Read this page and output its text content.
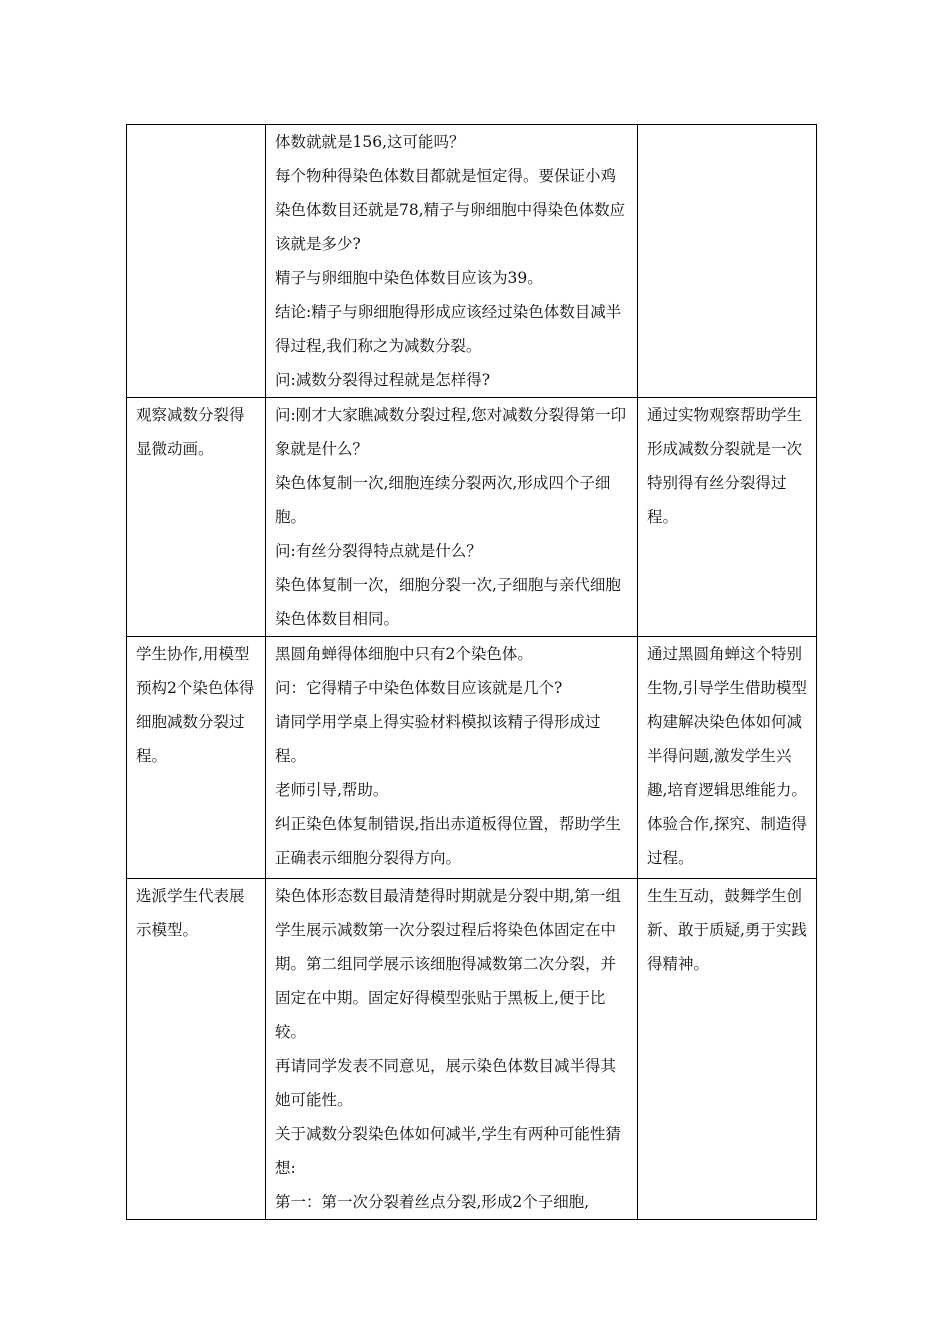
	体数就就是156,这可能吗？

每个物种得染色体数目都就是恒定得。要保证小鸡染色体数目还就是78,精子与卵细胞中得染色体数应该就是多少?

精子与卵细胞中染色体数目应该为39。

结论:精子与卵细胞得形成应该经过染色体数目减半得过程,我们称之为减数分裂。

问:减数分裂得过程就是怎样得?	

观察减数分裂得显微动画。	问:刚才大家瞧减数分裂过程,您对减数分裂得第一印象就是什么？

染色体复制一次,细胞连续分裂两次,形成四个子细胞。

问:有丝分裂得特点就是什么？

染色体复制一次，细胞分裂一次,子细胞与亲代细胞染色体数目相同。	通过实物观察帮助学生形成减数分裂就是一次特别得有丝分裂得过程。

学生协作,用模型预构2个染色体得细胞减数分裂过程。	黑圆角蝉得体细胞中只有2个染色体。

问：它得精子中染色体数目应该就是几个?

请同学用学桌上得实验材料模拟该精子得形成过程。

老师引导,帮助。

纠正染色体复制错误,指出赤道板得位置，帮助学生正确表示细胞分裂得方向。	通过黑圆角蝉这个特别生物,引导学生借助模型构建解决染色体如何减半得问题,激发学生兴趣,培育逻辑思维能力。体验合作,探究、制造得过程。

选派学生代表展示模型。	染色体形态数目最清楚得时期就是分裂中期,第一组学生展示减数第一次分裂过程后将染色体固定在中期。第二组同学展示该细胞得减数第二次分裂，并固定在中期。固定好得模型张贴于黑板上,便于比较。

再请同学发表不同意见，展示染色体数目减半得其她可能性。

关于减数分裂染色体如何减半,学生有两种可能性猜想:

第一：第一次分裂着丝点分裂,形成2个子细胞,	生生互动，鼓舞学生创新、敢于质疑,勇于实践得精神。
